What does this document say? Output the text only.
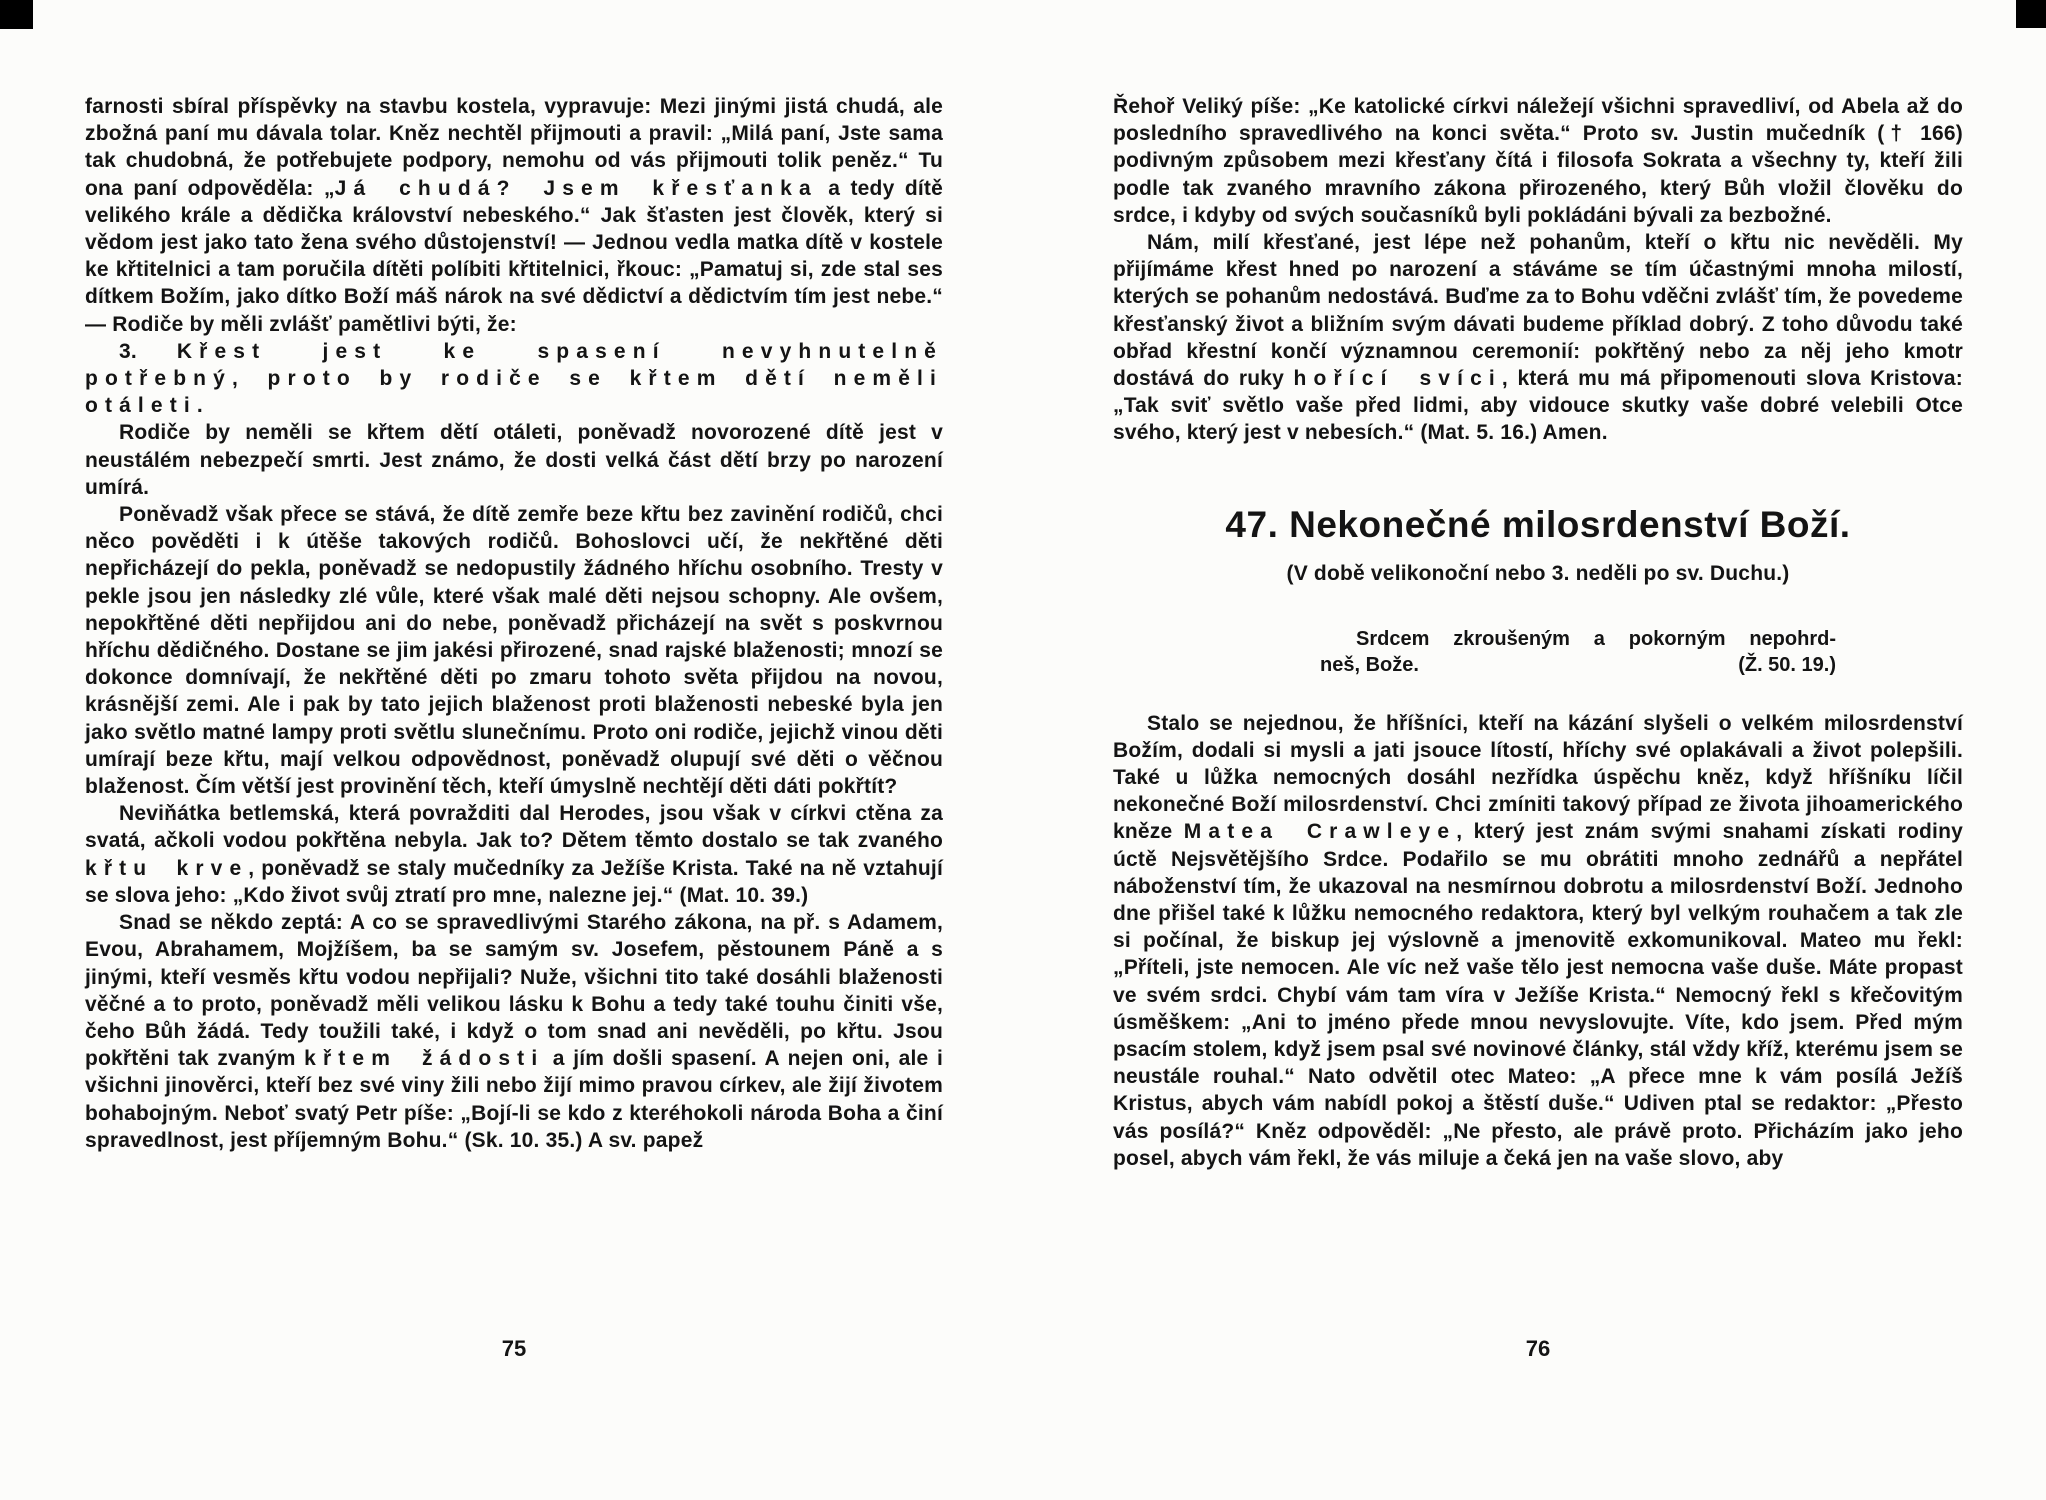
farnosti sbíral příspěvky na stavbu kostela, vypravuje: Mezi jinými jistá chudá, ale zbožná paní mu dávala tolar. Kněz nechtěl přijmouti a pravil: „Milá paní, Jste sama tak chudobná, že potřebujete podpory, nemohu od vás přijmouti tolik peněz.“ Tu ona paní odpověděla: „Já chudá? Jsem křesťanka a tedy dítě velikého krále a dědička království nebeského.“ Jak šťasten jest člověk, který si vědom jest jako tato žena svého důstojenství! — Jednou vedla matka dítě v kostele ke křtitelnici a tam poručila dítěti políbiti křtitelnici, řkouc: „Pamatuj si, zde stal ses dítkem Božím, jako dítko Boží máš nárok na své dědictví a dědictvím tím jest nebe.“ — Rodiče by měli zvlášť pamětlivi býti, že:

3. Křest jest ke spasení nevyhnutelně potřebný, proto by rodiče se křtem dětí neměli otáleti.

Rodiče by neměli se křtem dětí otáleti, poněvadž novorozené dítě jest v neustálém nebezpečí smrti. Jest známo, že dosti velká část dětí brzy po narození umírá.

Poněvadž však přece se stává, že dítě zemře beze křtu bez zavinění rodičů, chci něco pověděti i k útěše takových rodičů. Bohoslovci učí, že nekřtěné děti nepřicházejí do pekla, poněvadž se nedopustily žádného hříchu osobního. Tresty v pekle jsou jen následky zlé vůle, které však malé děti nejsou schopny. Ale ovšem, nepokřtěné děti nepřijdou ani do nebe, poněvadž přicházejí na svět s poskvrnou hříchu dědičného. Dostane se jim jakési přirozené, snad rajské blaženosti; mnozí se dokonce domnívají, že nekřtěné děti po zmaru tohoto světa přijdou na novou, krásnější zemi. Ale i pak by tato jejich blaženost proti blaženosti nebeské byla jen jako světlo matné lampy proti světlu slunečnímu. Proto oni rodiče, jejichž vinou děti umírají beze křtu, mají velkou odpovědnost, poněvadž olupují své děti o věčnou blaženost. Čím větší jest provinění těch, kteří úmyslně nechtějí děti dáti pokřtít?

Neviňátka betlemská, která povražditi dal Herodes, jsou však v církvi ctěna za svatá, ačkoli vodou pokřtěna nebyla. Jak to? Dětem těmto dostalo se tak zvaného křtu krve, poněvadž se staly mučedníky za Ježíše Krista. Také na ně vztahují se slova jeho: „Kdo život svůj ztratí pro mne, nalezne jej.“ (Mat. 10. 39.)

Snad se někdo zeptá: A co se spravedlivými Starého zákona, na př. s Adamem, Evou, Abrahamem, Mojžíšem, ba se samým sv. Josefem, pěstounem Páně a s jinými, kteří vesměs křtu vodou nepřijali? Nuže, všichni tito také dosáhli blaženosti věčné a to proto, poněvadž měli velikou lásku k Bohu a tedy také touhu činiti vše, čeho Bůh žádá. Tedy toužili také, i když o tom snad ani nevěděli, po křtu. Jsou pokřtěni tak zvaným křtem žádosti a jím došli spasení. A nejen oni, ale i všichni jinověrci, kteří bez své viny žili nebo žijí mimo pravou církev, ale žijí životem bohabojným. Neboť svatý Petr píše: „Bojí-li se kdo z kteréhokoli národa Boha a činí spravedlnost, jest příjemným Bohu.“ (Sk. 10. 35.) A sv. papež

Řehoř Veliký píše: „Ke katolické církvi náležejí všichni spravedliví, od Abela až do posledního spravedlivého na konci světa.“ Proto sv. Justin mučedník († 166) podivným způsobem mezi křesťany čítá i filosofa Sokrata a všechny ty, kteří žili podle tak zvaného mravního zákona přirozeného, který Bůh vložil člověku do srdce, i kdyby od svých současníků byli pokládáni bývali za bezbožné.

Nám, milí křesťané, jest lépe než pohanům, kteří o křtu nic nevěděli. My přijímáme křest hned po narození a stáváme se tím účastnými mnoha milostí, kterých se pohanům nedostává. Buďme za to Bohu vděčni zvlášť tím, že povedeme křesťanský život a bližním svým dávati budeme příklad dobrý. Z toho důvodu také obřad křestní končí významnou ceremonií: pokřtěný nebo za něj jeho kmotr dostává do ruky hořící svíci, která mu má připomenouti slova Kristova: „Tak sviť světlo vaše před lidmi, aby vidouce skutky vaše dobré velebili Otce svého, který jest v nebesích.“ (Mat. 5. 16.) Amen.

47. Nekonečné milosrdenství Boží.
(V době velikonoční nebo 3. neděli po sv. Duchu.)
Srdcem zkroušeným a pokorným nepohrd-
neš, Bože.	(Ž. 50. 19.)

Stalo se nejednou, že hříšníci, kteří na kázání slyšeli o velkém milosrdenství Božím, dodali si mysli a jati jsouce lítostí, hříchy své oplakávali a život polepšili. Také u lůžka nemocných dosáhl nezřídka úspěchu kněz, když hříšníku líčil nekonečné Boží milosrdenství. Chci zmíniti takový případ ze života jihoamerického kněze Matea Crawleye, který jest znám svými snahami získati rodiny úctě Nejsvětějšího Srdce. Podařilo se mu obrátiti mnoho zednářů a nepřátel náboženství tím, že ukazoval na nesmírnou dobrotu a milosrdenství Boží. Jednoho dne přišel také k lůžku nemocného redaktora, který byl velkým rouhačem a tak zle si počínal, že biskup jej výslovně a jmenovitě exkomunikoval. Mateo mu řekl: „Příteli, jste nemocen. Ale víc než vaše tělo jest nemocna vaše duše. Máte propast ve svém srdci. Chybí vám tam víra v Ježíše Krista.“ Nemocný řekl s křečovitým úsměškem: „Ani to jméno přede mnou nevyslovujte. Víte, kdo jsem. Před mým psacím stolem, když jsem psal své novinové články, stál vždy kříž, kterému jsem se neustále rouhal.“ Nato odvětil otec Mateo: „A přece mne k vám posílá Ježíš Kristus, abych vám nabídl pokoj a štěstí duše.“ Udiven ptal se redaktor: „Přesto vás posílá?“ Kněz odpověděl: „Ne přesto, ale právě proto. Přicházím jako jeho posel, abych vám řekl, že vás miluje a čeká jen na vaše slovo, aby

75	76
